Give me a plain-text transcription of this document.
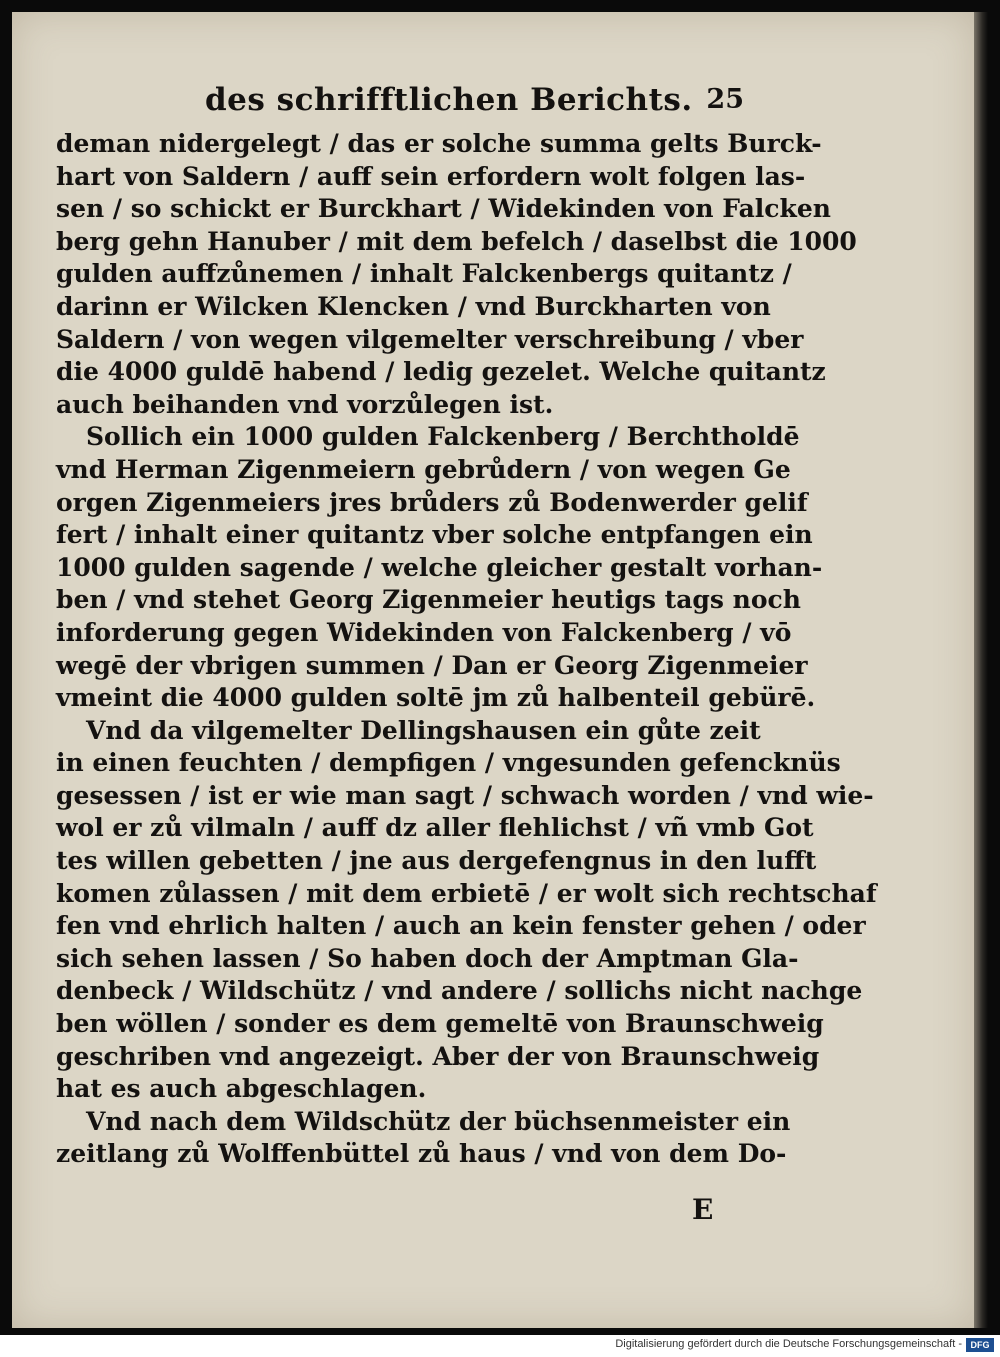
des schrifftlichen Berichts. 25
deman nidergelegt / das er solche summa gelts Burck-
hart von Saldern / auff sein erfordern wolt folgen las-
sen / so schickt er Burckhart / Widekinden von Falcken
berg gehn Hanuber / mit dem befelch / daselbst die 1000
gulden auffzůnemen / inhalt Falckenbergs quitantz /
darinn er Wilcken Klencken / vnd Burckharten von
Saldern / von wegen vilgemelter verschreibung / vber
die 4000 guldē habend / ledig gezelet. Welche quitantz
auch beihanden vnd vorzůlegen ist.
Sollich ein 1000 gulden Falckenberg / Berchtholdē
vnd Herman Zigenmeiern gebrůdern / von wegen Ge
orgen Zigenmeiers jres brůders zů Bodenwerder gelif
fert / inhalt einer quitantz vber solche entpfangen ein
1000 gulden sagende / welche gleicher gestalt vorhan-
ben / vnd stehet Georg Zigenmeier heutigs tags noch
inforderung gegen Widekinden von Falckenberg / vō
wegē der vbrigen summen / Dan er Georg Zigenmeier
vmeint die 4000 gulden soltē jm zů halbenteil gebürē.
Vnd da vilgemelter Dellingshausen ein gůte zeit
in einen feuchten / dempfigen / vngesunden gefencknüs
gesessen / ist er wie man sagt / schwach worden / vnd wie-
wol er zů vilmaln / auff dz aller flehlichst / vñ vmb Got
tes willen gebetten / jne aus dergefengnus in den lufft
komen zůlassen / mit dem erbietē / er wolt sich rechtschaf
fen vnd ehrlich halten / auch an kein fenster gehen / oder
sich sehen lassen / So haben doch der Amptman Gla-
denbeck / Wildschütz / vnd andere / sollichs nicht nachge
ben wöllen / sonder es dem gemeltē von Braunschweig
geschriben vnd angezeigt. Aber der von Braunschweig
hat es auch abgeschlagen.
Vnd nach dem Wildschütz der büchsenmeister ein
zeitlang zů Wolffenbüttel zů haus / vnd von dem Do-
E
Digitalisierung gefördert durch die Deutsche Forschungsgemeinschaft - DFG
